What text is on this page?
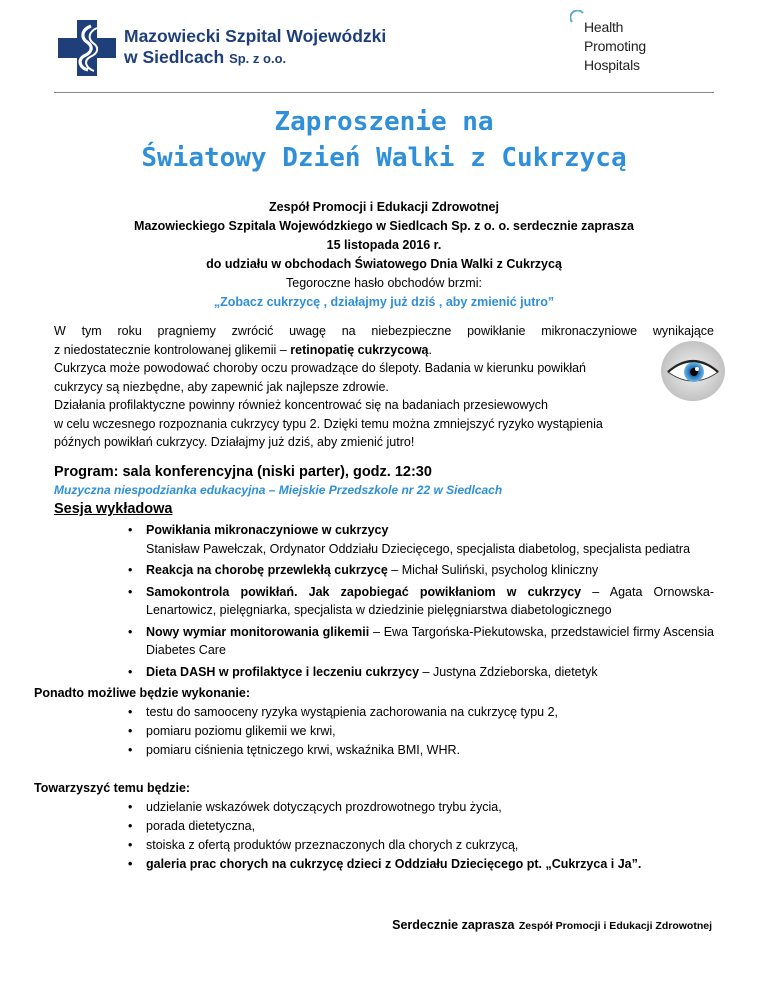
Mazowiecki Szpital Wojewódzki
w Siedlcach Sp. z o.o.
Health
Promoting
Hospitals
Zaproszenie na
Światowy Dzień Walki z Cukrzycą
Zespół Promocji i Edukacji Zdrowotnej
Mazowieckiego Szpitala Wojewódzkiego w Siedlcach Sp. z o. o. serdecznie zaprasza
15 listopada 2016 r.
do udziału w obchodach Światowego Dnia Walki z Cukrzycą
Tegoroczne hasło obchodów brzmi:
„Zobacz cukrzycę , działajmy już dziś , aby zmienić jutro”
W tym roku pragniemy zwrócić uwagę na niebezpieczne powikłanie mikronaczyniowe wynikające
z niedostatecznie kontrolowanej glikemii – retinopatię cukrzycową.
Cukrzyca może powodować choroby oczu prowadzące do ślepoty. Badania w kierunku powikłań
cukrzycy są niezbędne, aby zapewnić jak najlepsze zdrowie.
Działania profilaktyczne powinny również koncentrować się na badaniach przesiewowych
w celu wczesnego rozpoznania cukrzycy typu 2. Dzięki temu można zmniejszyć ryzyko wystąpienia
późnych powikłań cukrzycy. Działajmy już dziś, aby zmienić jutro!
Program: sala konferencyjna (niski parter), godz. 12:30
Muzyczna niespodzianka edukacyjna – Miejskie Przedszkole nr 22 w Siedlcach
Sesja wykładowa
• Powikłania mikronaczyniowe w cukrzycy
Stanisław Pawełczak, Ordynator Oddziału Dziecięcego, specjalista diabetolog, specjalista pediatra
• Reakcja na chorobę przewlekłą cukrzycę – Michał Suliński, psycholog kliniczny
• Samokontrola powikłań. Jak zapobiegać powikłaniom w cukrzycy – Agata Ornowska-Lenartowicz, pielęgniarka, specjalista w dziedzinie pielęgniarstwa diabetologicznego
• Nowy wymiar monitorowania glikemii – Ewa Targońska-Piekutowska, przedstawiciel firmy Ascensia Diabetes Care
• Dieta DASH w profilaktyce i leczeniu cukrzycy – Justyna Zdzieborska, dietetyk
Ponadto możliwe będzie wykonanie:
• testu do samooceny ryzyka wystąpienia zachorowania na cukrzycę typu 2,
• pomiaru poziomu glikemii we krwi,
• pomiaru ciśnienia tętniczego krwi, wskaźnika BMI, WHR.
Towarzyszyć temu będzie:
• udzielanie wskazówek dotyczących prozdrowotnego trybu życia,
• porada dietetyczna,
• stoiska z ofertą produktów przeznaczonych dla chorych z cukrzycą,
• galeria prac chorych na cukrzycę dzieci z Oddziału Dziecięcego pt. „Cukrzyca i Ja”.
Serdecznie zaprasza Zespół Promocji i Edukacji Zdrowotnej
